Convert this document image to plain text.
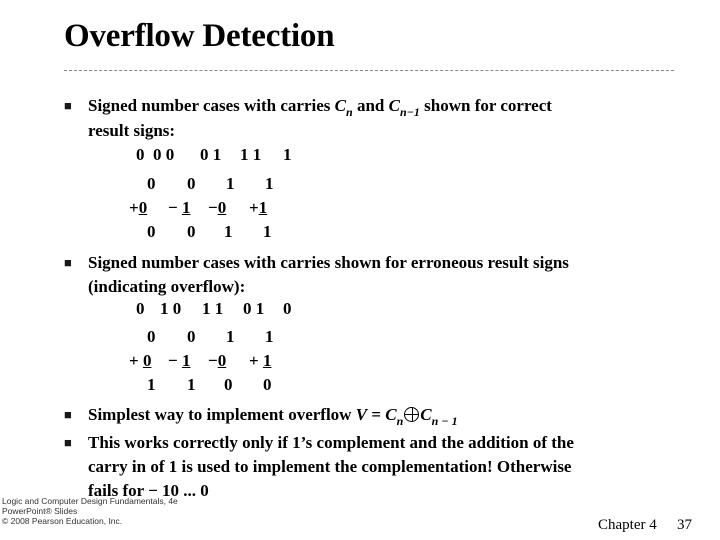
Overflow Detection
■ Signed number cases with carries $C_n$ and $C_{n-1}$ shown for correct
result signs:
0  0 0 0 1 1 1 1
0 0 1 1
+0 − 1 −0 +1
0 0 1 1
■ Signed number cases with carries shown for erroneous result signs
(indicating overflow):
0 1 0 1 1 0 1 0
0 0 1 1
+ 0 − 1 −0 + 1
1 1 0 0
■ Simplest way to implement overflow $V = C_n$ $C_{n - 1}$
■ This works correctly only if 1’s complement and the addition of the
carry in of 1 is used to implement the complementation! Otherwise
fails for − 10 ... 0
Logic and Computer Design Fundamentals, 4e
PowerPoint® Slides
© 2008 Pearson Education, Inc.	Chapter 4 37
